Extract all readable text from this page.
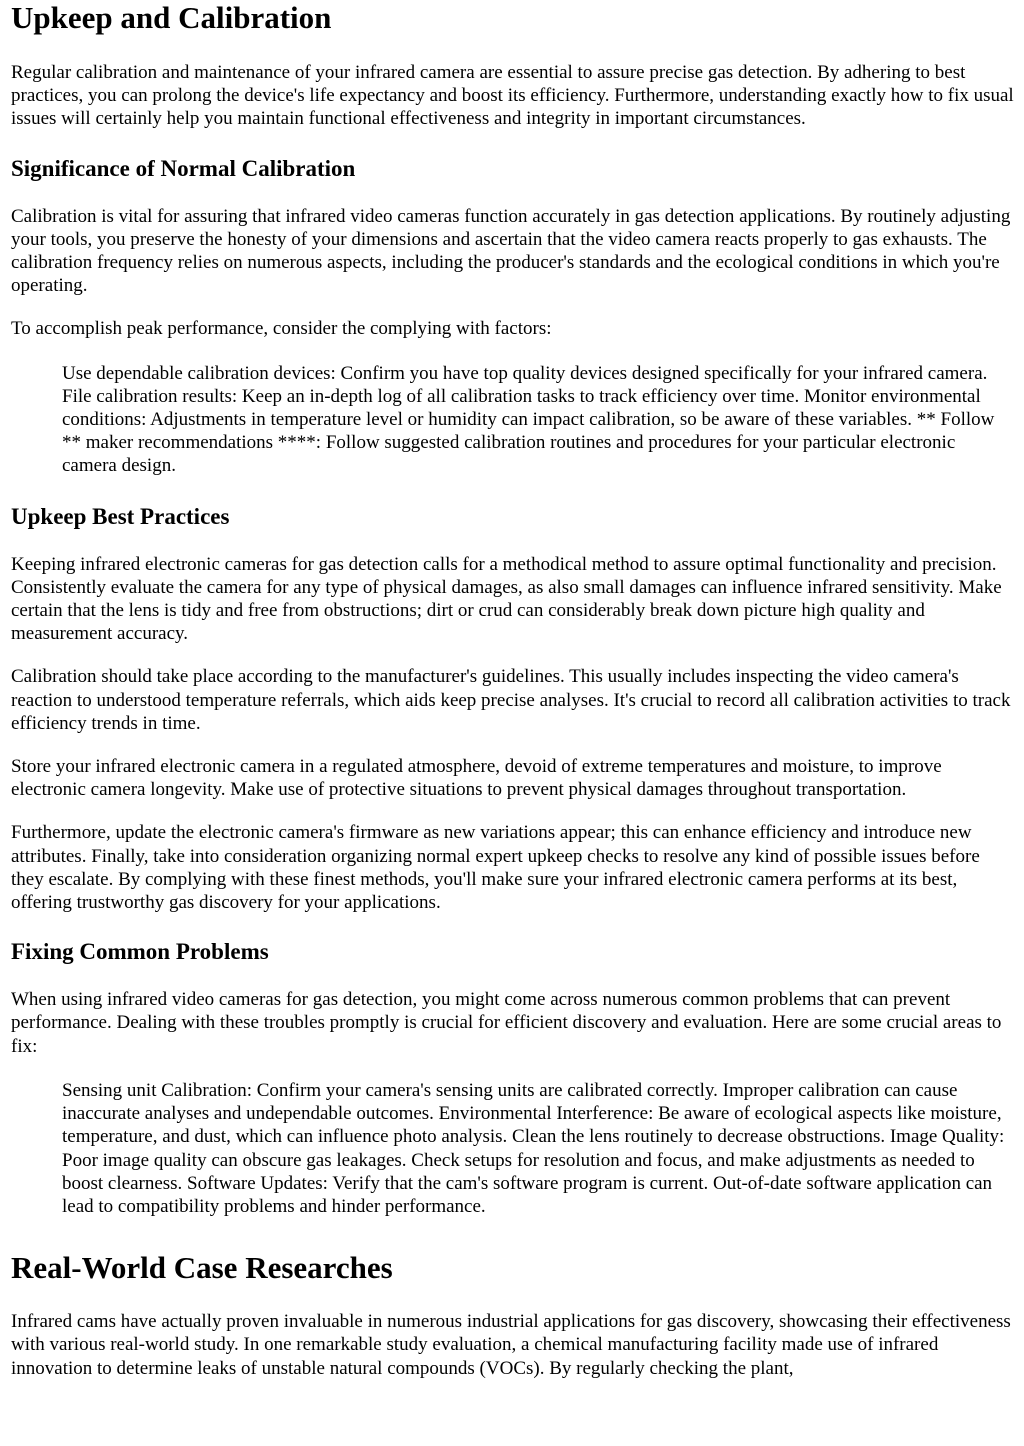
Upkeep and Calibration

Regular calibration and maintenance of your infrared camera are essential to assure precise gas detection. By adhering to best practices, you can prolong the device's life expectancy and boost its efficiency. Furthermore, understanding exactly how to fix usual issues will certainly help you maintain functional effectiveness and integrity in important circumstances.

Significance of Normal Calibration

Calibration is vital for assuring that infrared video cameras function accurately in gas detection applications. By routinely adjusting your tools, you preserve the honesty of your dimensions and ascertain that the video camera reacts properly to gas exhausts. The calibration frequency relies on numerous aspects, including the producer's standards and the ecological conditions in which you're operating.

To accomplish peak performance, consider the complying with factors:

Use dependable calibration devices: Confirm you have top quality devices designed specifically for your infrared camera. File calibration results: Keep an in-depth log of all calibration tasks to track efficiency over time. Monitor environmental conditions: Adjustments in temperature level or humidity can impact calibration, so be aware of these variables. ** Follow ** maker recommendations ****: Follow suggested calibration routines and procedures for your particular electronic camera design.
Upkeep Best Practices

Keeping infrared electronic cameras for gas detection calls for a methodical method to assure optimal functionality and precision. Consistently evaluate the camera for any type of physical damages, as also small damages can influence infrared sensitivity. Make certain that the lens is tidy and free from obstructions; dirt or crud can considerably break down picture high quality and measurement accuracy.

Calibration should take place according to the manufacturer's guidelines. This usually includes inspecting the video camera's reaction to understood temperature referrals, which aids keep precise analyses. It's crucial to record all calibration activities to track efficiency trends in time.

Store your infrared electronic camera in a regulated atmosphere, devoid of extreme temperatures and moisture, to improve electronic camera longevity. Make use of protective situations to prevent physical damages throughout transportation.

Furthermore, update the electronic camera's firmware as new variations appear; this can enhance efficiency and introduce new attributes. Finally, take into consideration organizing normal expert upkeep checks to resolve any kind of possible issues before they escalate. By complying with these finest methods, you'll make sure your infrared electronic camera performs at its best, offering trustworthy gas discovery for your applications.

Fixing Common Problems

When using infrared video cameras for gas detection, you might come across numerous common problems that can prevent performance. Dealing with these troubles promptly is crucial for efficient discovery and evaluation. Here are some crucial areas to fix:

Sensing unit Calibration: Confirm your camera's sensing units are calibrated correctly. Improper calibration can cause inaccurate analyses and undependable outcomes. Environmental Interference: Be aware of ecological aspects like moisture, temperature, and dust, which can influence photo analysis. Clean the lens routinely to decrease obstructions. Image Quality: Poor image quality can obscure gas leakages. Check setups for resolution and focus, and make adjustments as needed to boost clearness. Software Updates: Verify that the cam's software program is current. Out-of-date software application can lead to compatibility problems and hinder performance.
Real-World Case Researches

Infrared cams have actually proven invaluable in numerous industrial applications for gas discovery, showcasing their effectiveness with various real-world study. In one remarkable study evaluation, a chemical manufacturing facility made use of infrared innovation to determine leaks of unstable natural compounds (VOCs). By regularly checking the plant,
